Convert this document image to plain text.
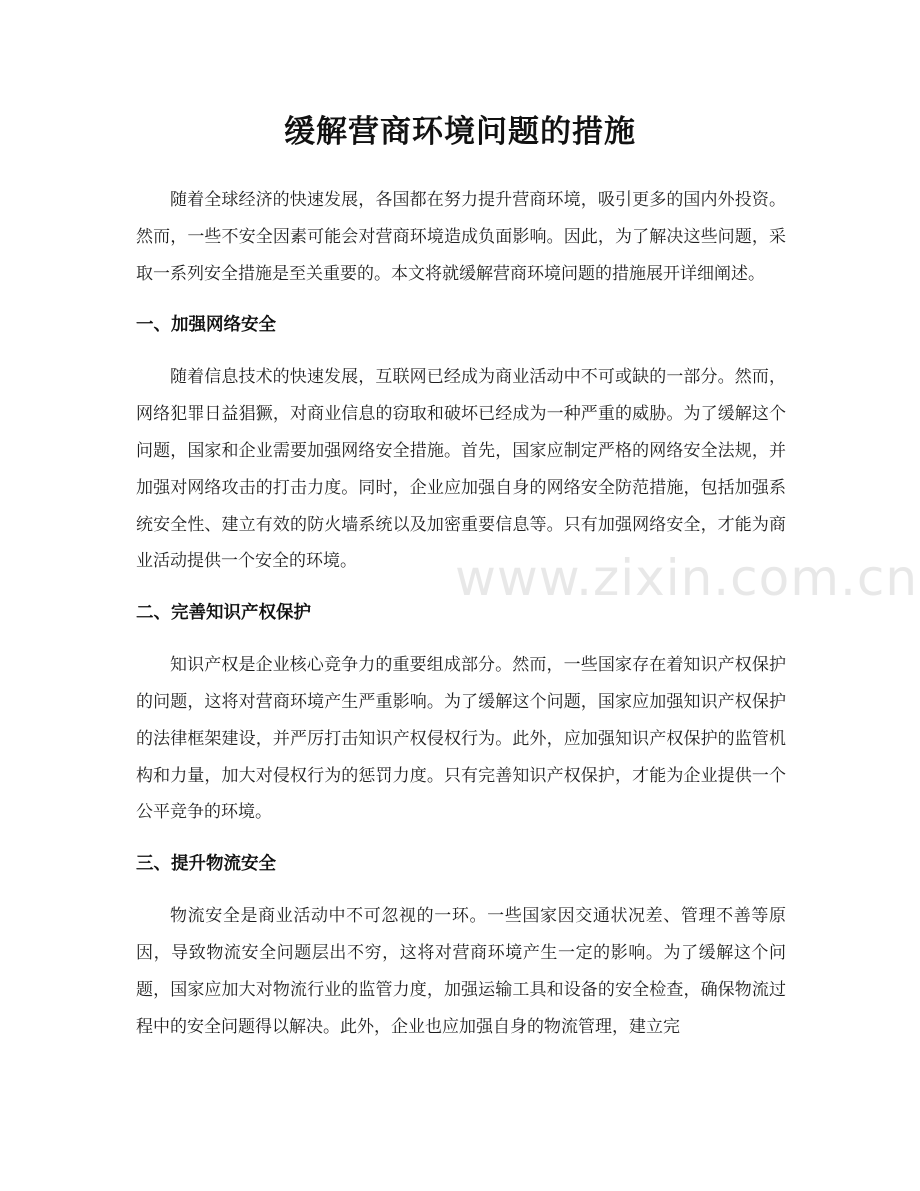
缓解营商环境问题的措施

随着全球经济的快速发展，各国都在努力提升营商环境，吸引更多的国内外投资。然而，一些不安全因素可能会对营商环境造成负面影响。因此，为了解决这些问题，采取一系列安全措施是至关重要的。本文将就缓解营商环境问题的措施展开详细阐述。

一、加强网络安全

随着信息技术的快速发展，互联网已经成为商业活动中不可或缺的一部分。然而，网络犯罪日益猖獗，对商业信息的窃取和破坏已经成为一种严重的威胁。为了缓解这个问题，国家和企业需要加强网络安全措施。首先，国家应制定严格的网络安全法规，并加强对网络攻击的打击力度。同时，企业应加强自身的网络安全防范措施，包括加强系统安全性、建立有效的防火墙系统以及加密重要信息等。只有加强网络安全，才能为商业活动提供一个安全的环境。

二、完善知识产权保护

知识产权是企业核心竞争力的重要组成部分。然而，一些国家存在着知识产权保护的问题，这将对营商环境产生严重影响。为了缓解这个问题，国家应加强知识产权保护的法律框架建设，并严厉打击知识产权侵权行为。此外，应加强知识产权保护的监管机构和力量，加大对侵权行为的惩罚力度。只有完善知识产权保护，才能为企业提供一个公平竞争的环境。

三、提升物流安全

物流安全是商业活动中不可忽视的一环。一些国家因交通状况差、管理不善等原因，导致物流安全问题层出不穷，这将对营商环境产生一定的影响。为了缓解这个问题，国家应加大对物流行业的监管力度，加强运输工具和设备的安全检查，确保物流过程中的安全问题得以解决。此外，企业也应加强自身的物流管理，建立完

www.zixin.com.cn
